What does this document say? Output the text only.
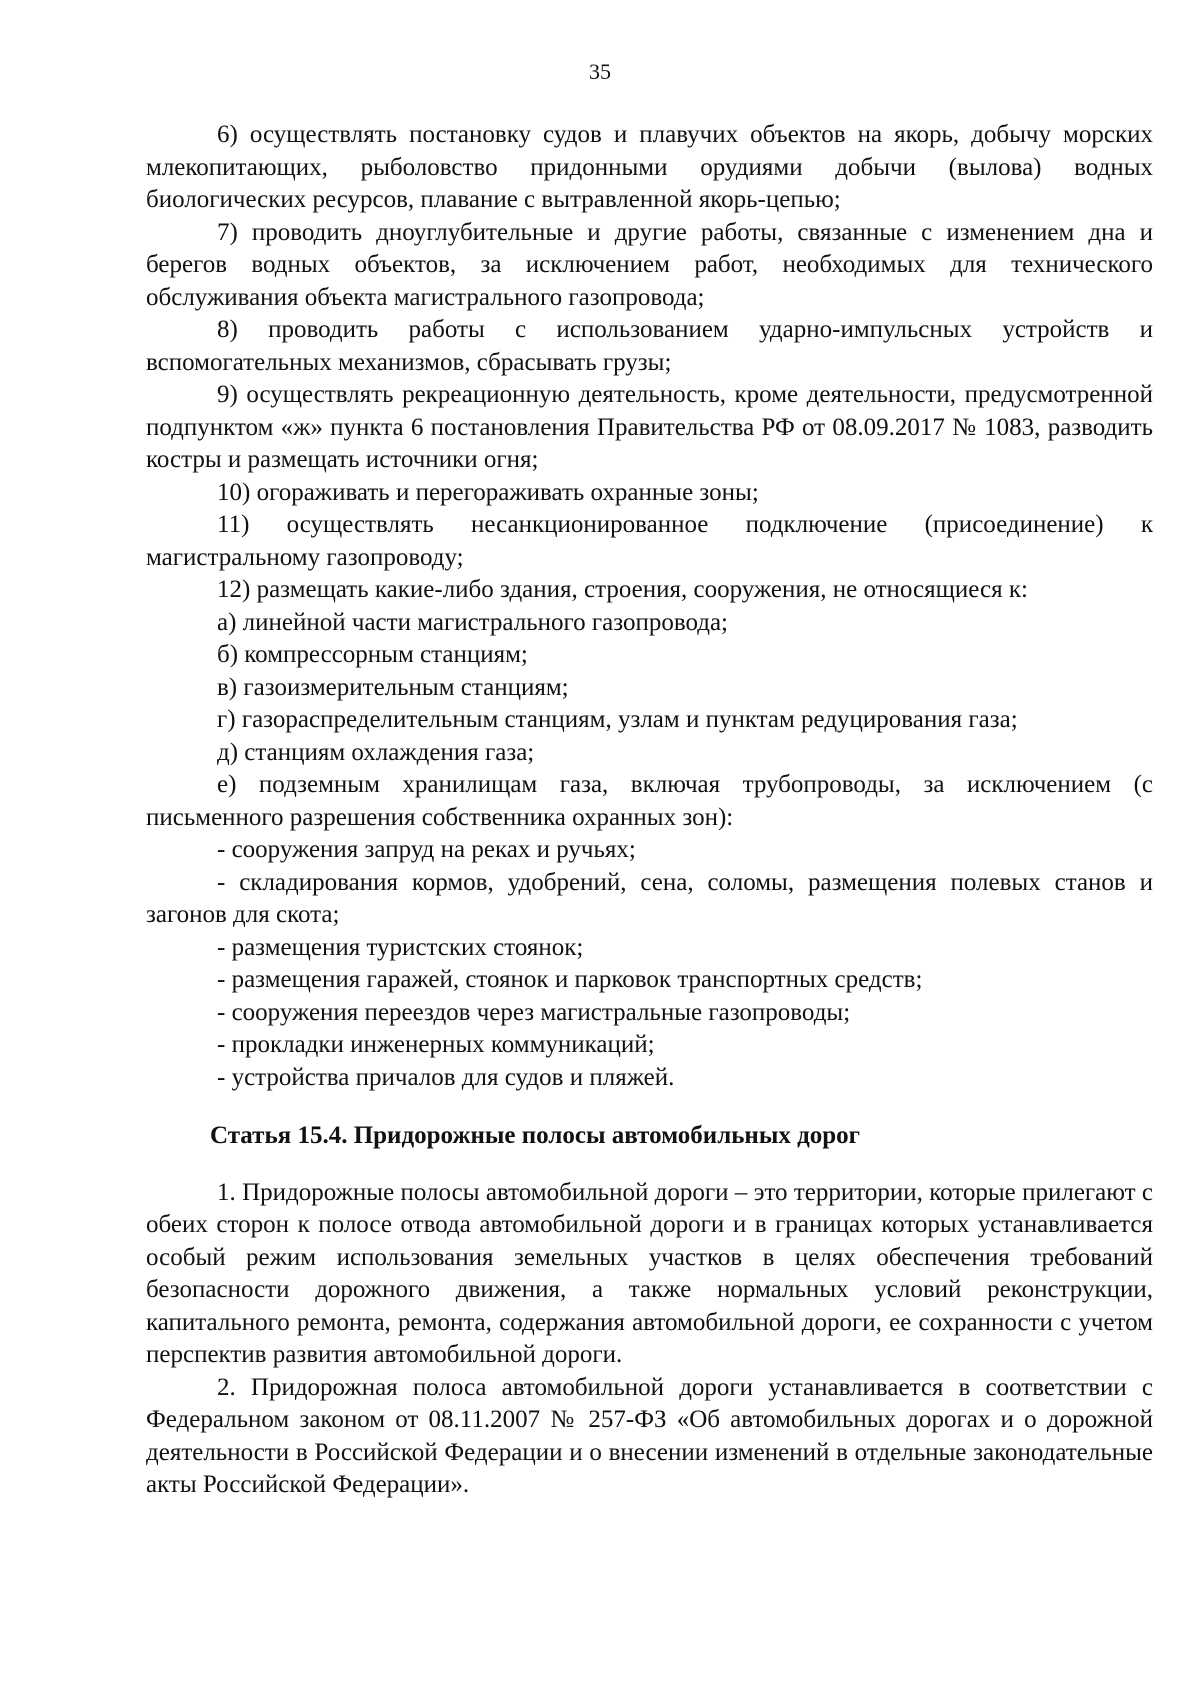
35

6) осуществлять постановку судов и плавучих объектов на якорь, добычу морских млекопитающих, рыболовство придонными орудиями добычи (вылова) водных биологических ресурсов, плавание с вытравленной якорь-цепью;

7) проводить дноуглубительные и другие работы, связанные с изменением дна и берегов водных объектов, за исключением работ, необходимых для технического обслуживания объекта магистрального газопровода;

8) проводить работы с использованием ударно-импульсных устройств и вспомогательных механизмов, сбрасывать грузы;

9) осуществлять рекреационную деятельность, кроме деятельности, предусмотренной подпунктом «ж» пункта 6 постановления Правительства РФ от 08.09.2017 № 1083, разводить костры и размещать источники огня;

10) огораживать и перегораживать охранные зоны;

11) осуществлять несанкционированное подключение (присоединение) к магистральному газопроводу;

12) размещать какие-либо здания, строения, сооружения, не относящиеся к:

а) линейной части магистрального газопровода;

б) компрессорным станциям;

в) газоизмерительным станциям;

г) газораспределительным станциям, узлам и пунктам редуцирования газа;

д) станциям охлаждения газа;

е) подземным хранилищам газа, включая трубопроводы, за исключением (с письменного разрешения собственника охранных зон):

- сооружения запруд на реках и ручьях;

- складирования кормов, удобрений, сена, соломы, размещения полевых станов и загонов для скота;

- размещения туристских стоянок;

- размещения гаражей, стоянок и парковок транспортных средств;

- сооружения переездов через магистральные газопроводы;

- прокладки инженерных коммуникаций;

- устройства причалов для судов и пляжей.

Статья 15.4. Придорожные полосы автомобильных дорог

1. Придорожные полосы автомобильной дороги – это территории, которые прилегают с обеих сторон к полосе отвода автомобильной дороги и в границах которых устанавливается особый режим использования земельных участков в целях обеспечения требований безопасности дорожного движения, а также нормальных условий реконструкции, капитального ремонта, ремонта, содержания автомобильной дороги, ее сохранности с учетом перспектив развития автомобильной дороги.

2. Придорожная полоса автомобильной дороги устанавливается в соответствии с Федеральном законом от 08.11.2007 № 257-ФЗ «Об автомобильных дорогах и о дорожной деятельности в Российской Федерации и о внесении изменений в отдельные законодательные акты Российской Федерации».
